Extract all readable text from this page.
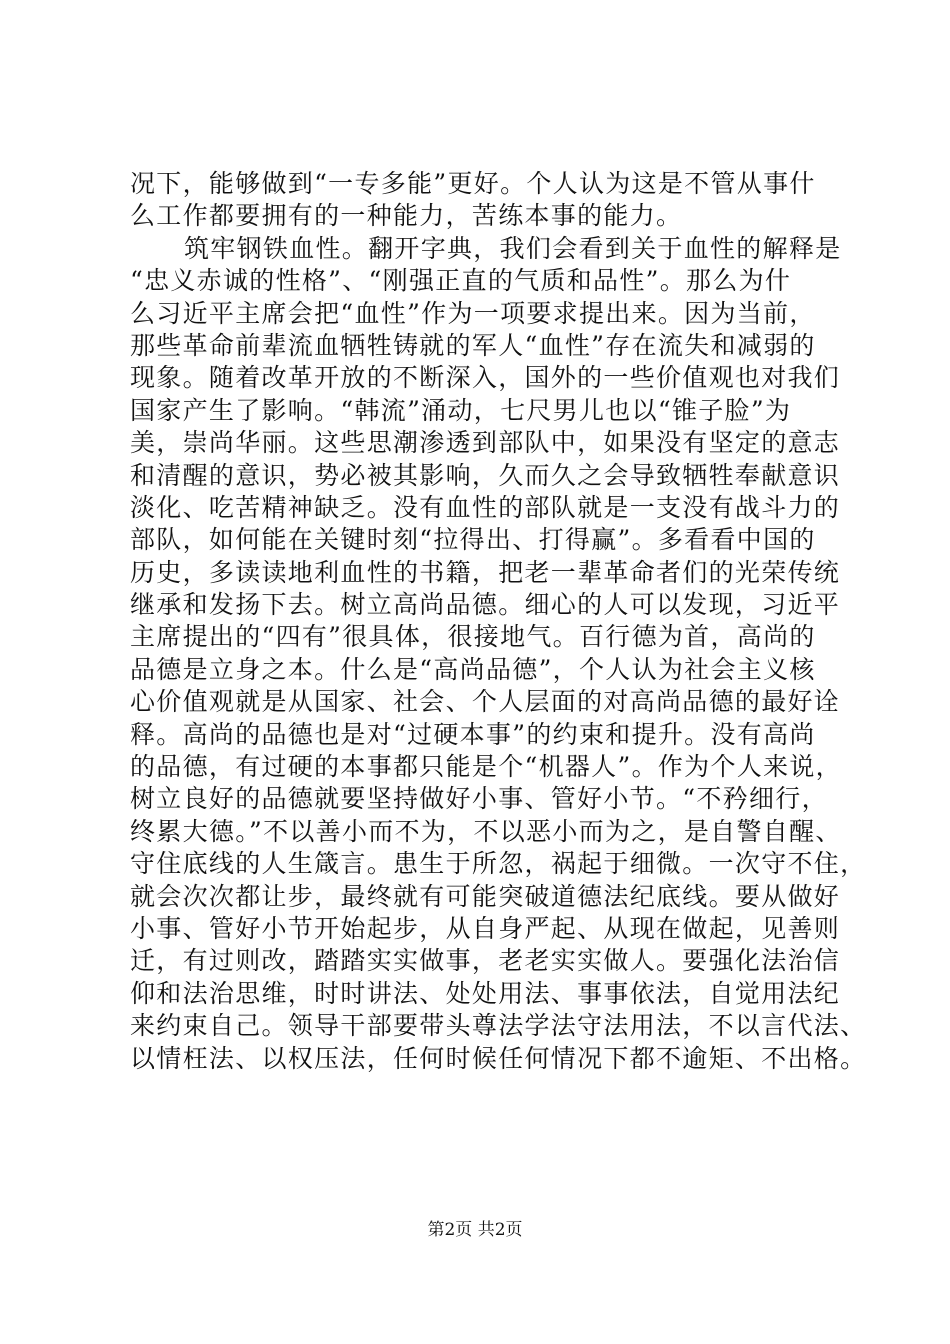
况下，能够做到“一专多能”更好。个人认为这是不管从事什
么工作都要拥有的一种能力，苦练本事的能力。
筑牢钢铁血性。翻开字典，我们会看到关于血性的解释是
“忠义赤诚的性格”、“刚强正直的气质和品性”。那么为什
么习近平主席会把“血性”作为一项要求提出来。因为当前，
那些革命前辈流血牺牲铸就的军人“血性”存在流失和减弱的
现象。随着改革开放的不断深入，国外的一些价值观也对我们
国家产生了影响。“韩流”涌动，七尺男儿也以“锥子脸”为
美，崇尚华丽。这些思潮渗透到部队中，如果没有坚定的意志
和清醒的意识，势必被其影响，久而久之会导致牺牲奉献意识
淡化、吃苦精神缺乏。没有血性的部队就是一支没有战斗力的
部队，如何能在关键时刻“拉得出、打得赢”。多看看中国的
历史，多读读地利血性的书籍，把老一辈革命者们的光荣传统
继承和发扬下去。树立高尚品德。细心的人可以发现，习近平
主席提出的“四有”很具体，很接地气。百行德为首，高尚的
品德是立身之本。什么是“高尚品德”，个人认为社会主义核
心价值观就是从国家、社会、个人层面的对高尚品德的最好诠
释。高尚的品德也是对“过硬本事”的约束和提升。没有高尚
的品德，有过硬的本事都只能是个“机器人”。作为个人来说，
树立良好的品德就要坚持做好小事、管好小节。“不矜细行，
终累大德。”不以善小而不为，不以恶小而为之，是自警自醒、
守住底线的人生箴言。患生于所忽，祸起于细微。一次守不住，
就会次次都让步，最终就有可能突破道德法纪底线。要从做好
小事、管好小节开始起步，从自身严起、从现在做起，见善则
迁，有过则改，踏踏实实做事，老老实实做人。要强化法治信
仰和法治思维，时时讲法、处处用法、事事依法，自觉用法纪
来约束自己。领导干部要带头尊法学法守法用法，不以言代法、
以情枉法、以权压法，任何时候任何情况下都不逾矩、不出格。
第2页 共2页
